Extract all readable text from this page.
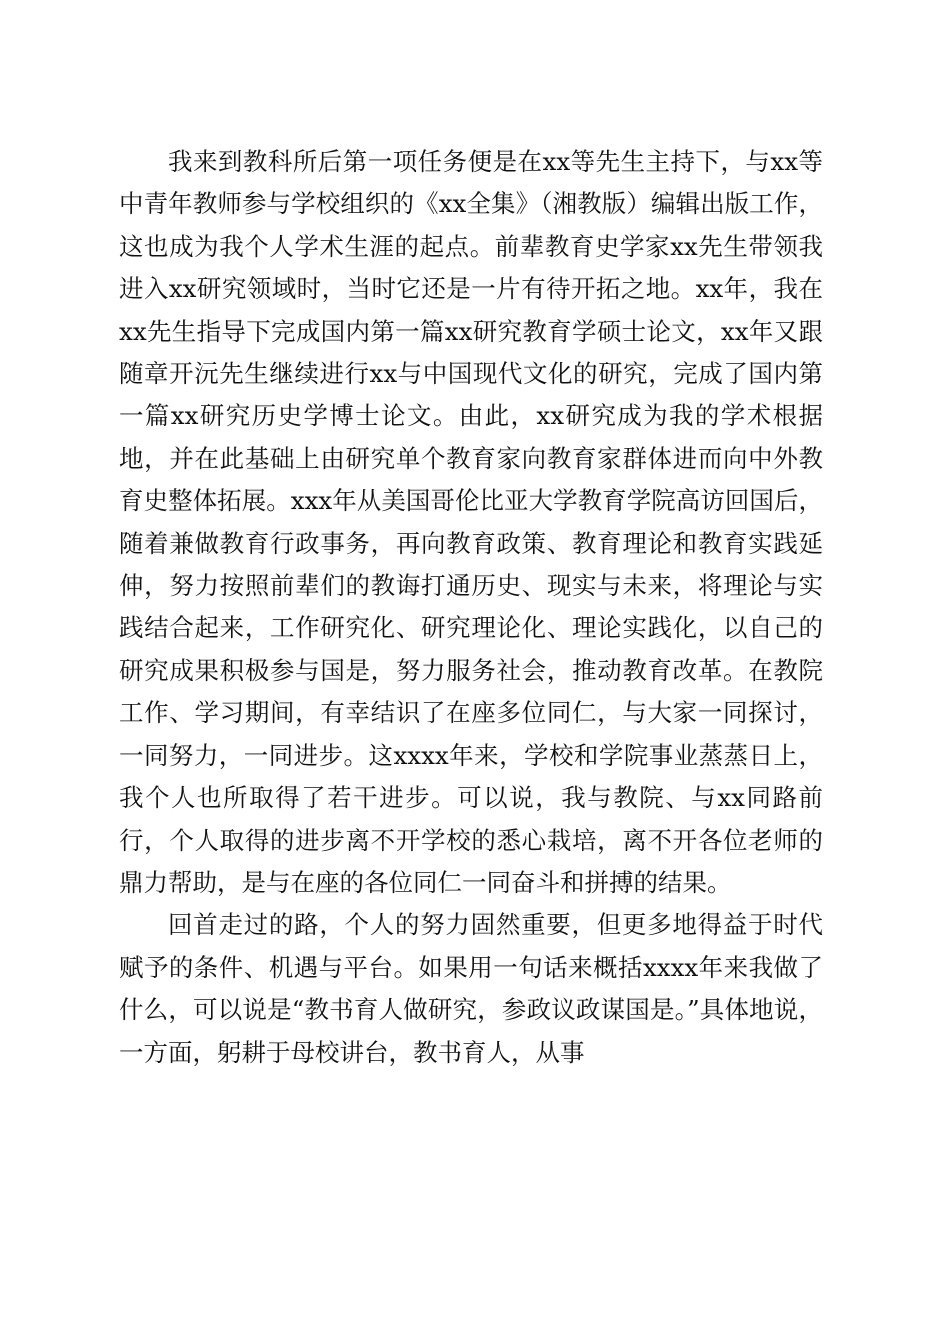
我来到教科所后第一项任务便是在xx等先生主持下，与xx等中青年教师参与学校组织的《xx全集》（湘教版）编辑出版工作，这也成为我个人学术生涯的起点。前辈教育史学家xx先生带领我进入xx研究领域时，当时它还是一片有待开拓之地。xx年，我在xx先生指导下完成国内第一篇xx研究教育学硕士论文，xx年又跟随章开沅先生继续进行xx与中国现代文化的研究，完成了国内第一篇xx研究历史学博士论文。由此，xx研究成为我的学术根据地，并在此基础上由研究单个教育家向教育家群体进而向中外教育史整体拓展。xxx年从美国哥伦比亚大学教育学院高访回国后，随着兼做教育行政事务，再向教育政策、教育理论和教育实践延伸，努力按照前辈们的教诲打通历史、现实与未来，将理论与实践结合起来，工作研究化、研究理论化、理论实践化，以自己的研究成果积极参与国是，努力服务社会，推动教育改革。在教院工作、学习期间，有幸结识了在座多位同仁，与大家一同探讨，一同努力，一同进步。这xxxx年来，学校和学院事业蒸蒸日上，我个人也所取得了若干进步。可以说，我与教院、与xx同路前行，个人取得的进步离不开学校的悉心栽培，离不开各位老师的鼎力帮助，是与在座的各位同仁一同奋斗和拼搏的结果。

回首走过的路，个人的努力固然重要，但更多地得益于时代赋予的条件、机遇与平台。如果用一句话来概括xxxx年来我做了什么，可以说是“教书育人做研究，参政议政谋国是。”具体地说，一方面，躬耕于母校讲台，教书育人，从事
